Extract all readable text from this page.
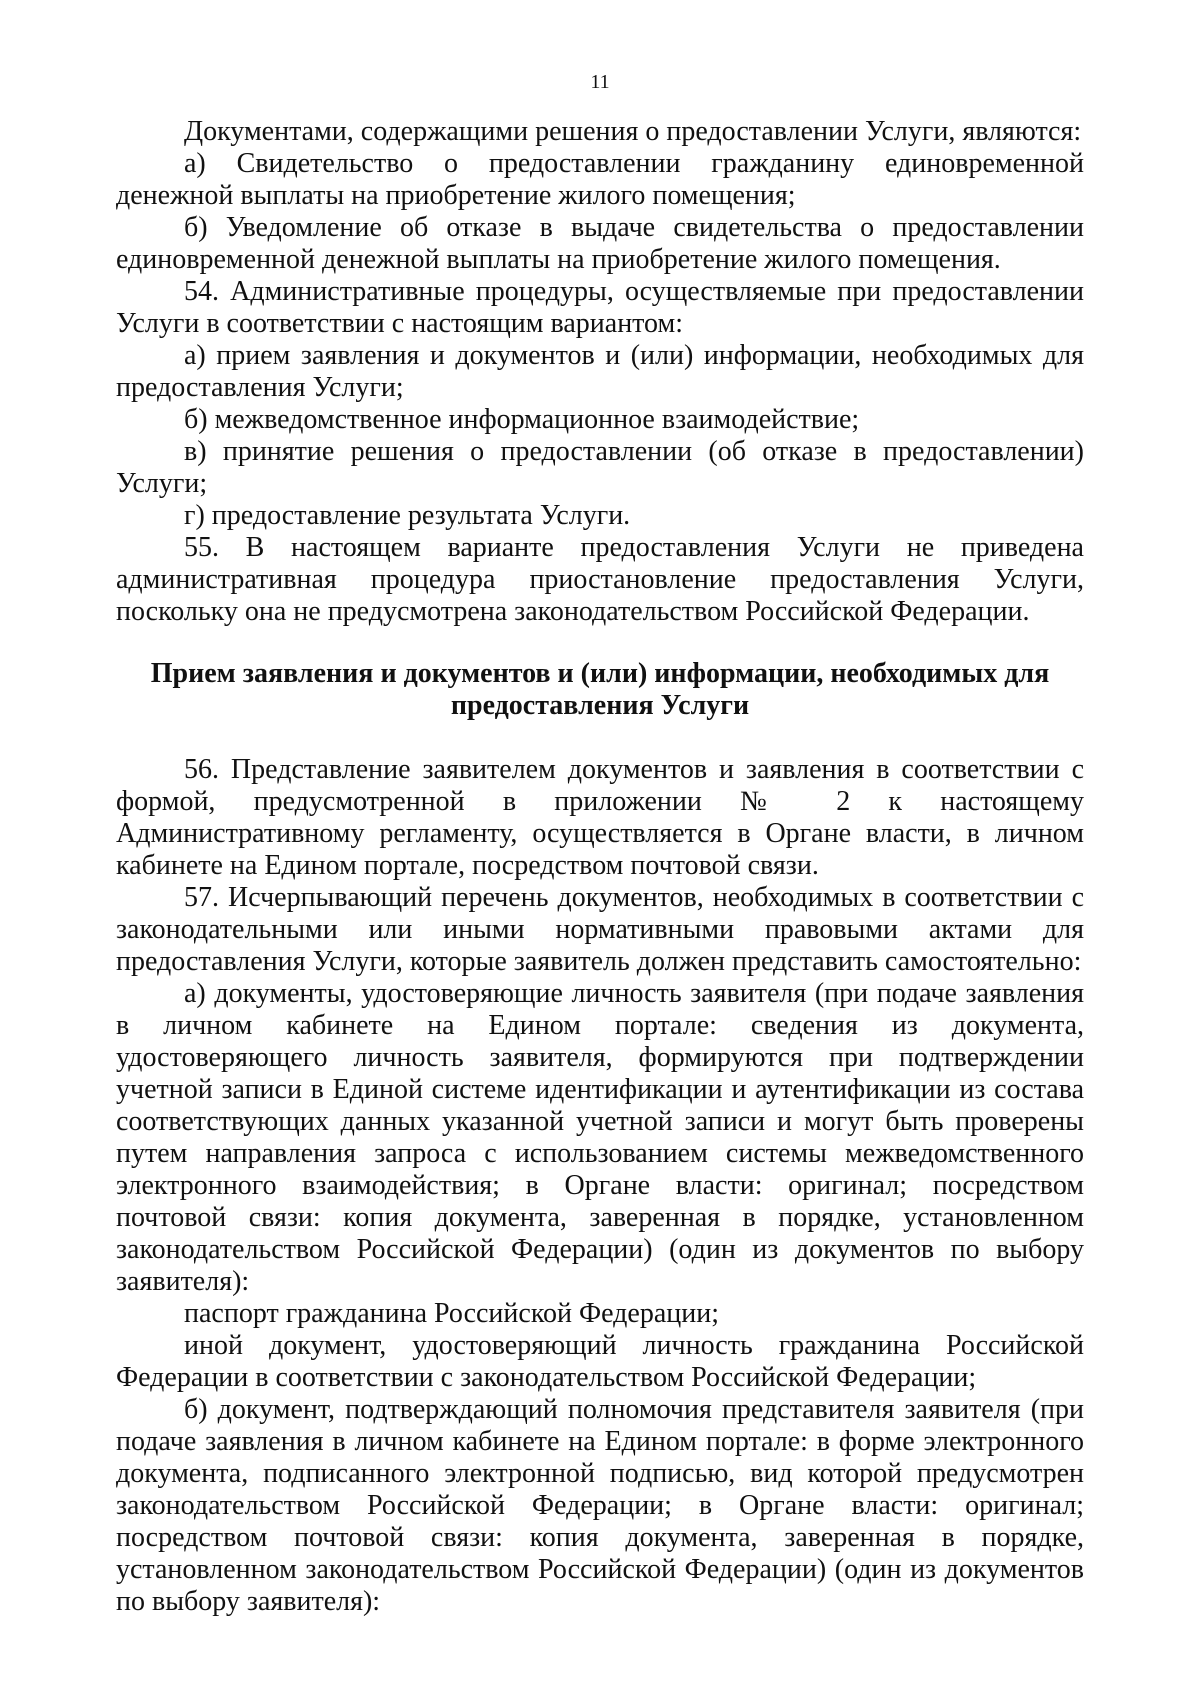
11

Документами, содержащими решения о предоставлении Услуги, являются:

а) Свидетельство о предоставлении гражданину единовременной денежной выплаты на приобретение жилого помещения;

б) Уведомление об отказе в выдаче свидетельства о предоставлении единовременной денежной выплаты на приобретение жилого помещения.

54. Административные процедуры, осуществляемые при предоставлении Услуги в соответствии с настоящим вариантом:

а) прием заявления и документов и (или) информации, необходимых для предоставления Услуги;

б) межведомственное информационное взаимодействие;

в) принятие решения о предоставлении (об отказе в предоставлении) Услуги;

г) предоставление результата Услуги.

55. В настоящем варианте предоставления Услуги не приведена административная процедура приостановление предоставления Услуги, поскольку она не предусмотрена законодательством Российской Федерации.

Прием заявления и документов и (или) информации, необходимых для
предоставления Услуги

56. Представление заявителем документов и заявления в соответствии с формой, предусмотренной в приложении № 2 к настоящему Административному регламенту, осуществляется в Органе власти, в личном кабинете на Едином портале, посредством почтовой связи.

57. Исчерпывающий перечень документов, необходимых в соответствии с законодательными или иными нормативными правовыми актами для предоставления Услуги, которые заявитель должен представить самостоятельно:

а) документы, удостоверяющие личность заявителя (при подаче заявления в личном кабинете на Едином портале: сведения из документа, удостоверяющего личность заявителя, формируются при подтверждении учетной записи в Единой системе идентификации и аутентификации из состава соответствующих данных указанной учетной записи и могут быть проверены путем направления запроса с использованием системы межведомственного электронного взаимодействия; в Органе власти: оригинал; посредством почтовой связи: копия документа, заверенная в порядке, установленном законодательством Российской Федерации) (один из документов по выбору заявителя):

паспорт гражданина Российской Федерации;

иной документ, удостоверяющий личность гражданина Российской Федерации в соответствии с законодательством Российской Федерации;

б) документ, подтверждающий полномочия представителя заявителя (при подаче заявления в личном кабинете на Едином портале: в форме электронного документа, подписанного электронной подписью, вид которой предусмотрен законодательством Российской Федерации; в Органе власти: оригинал; посредством почтовой связи: копия документа, заверенная в порядке, установленном законодательством Российской Федерации) (один из документов по выбору заявителя):
